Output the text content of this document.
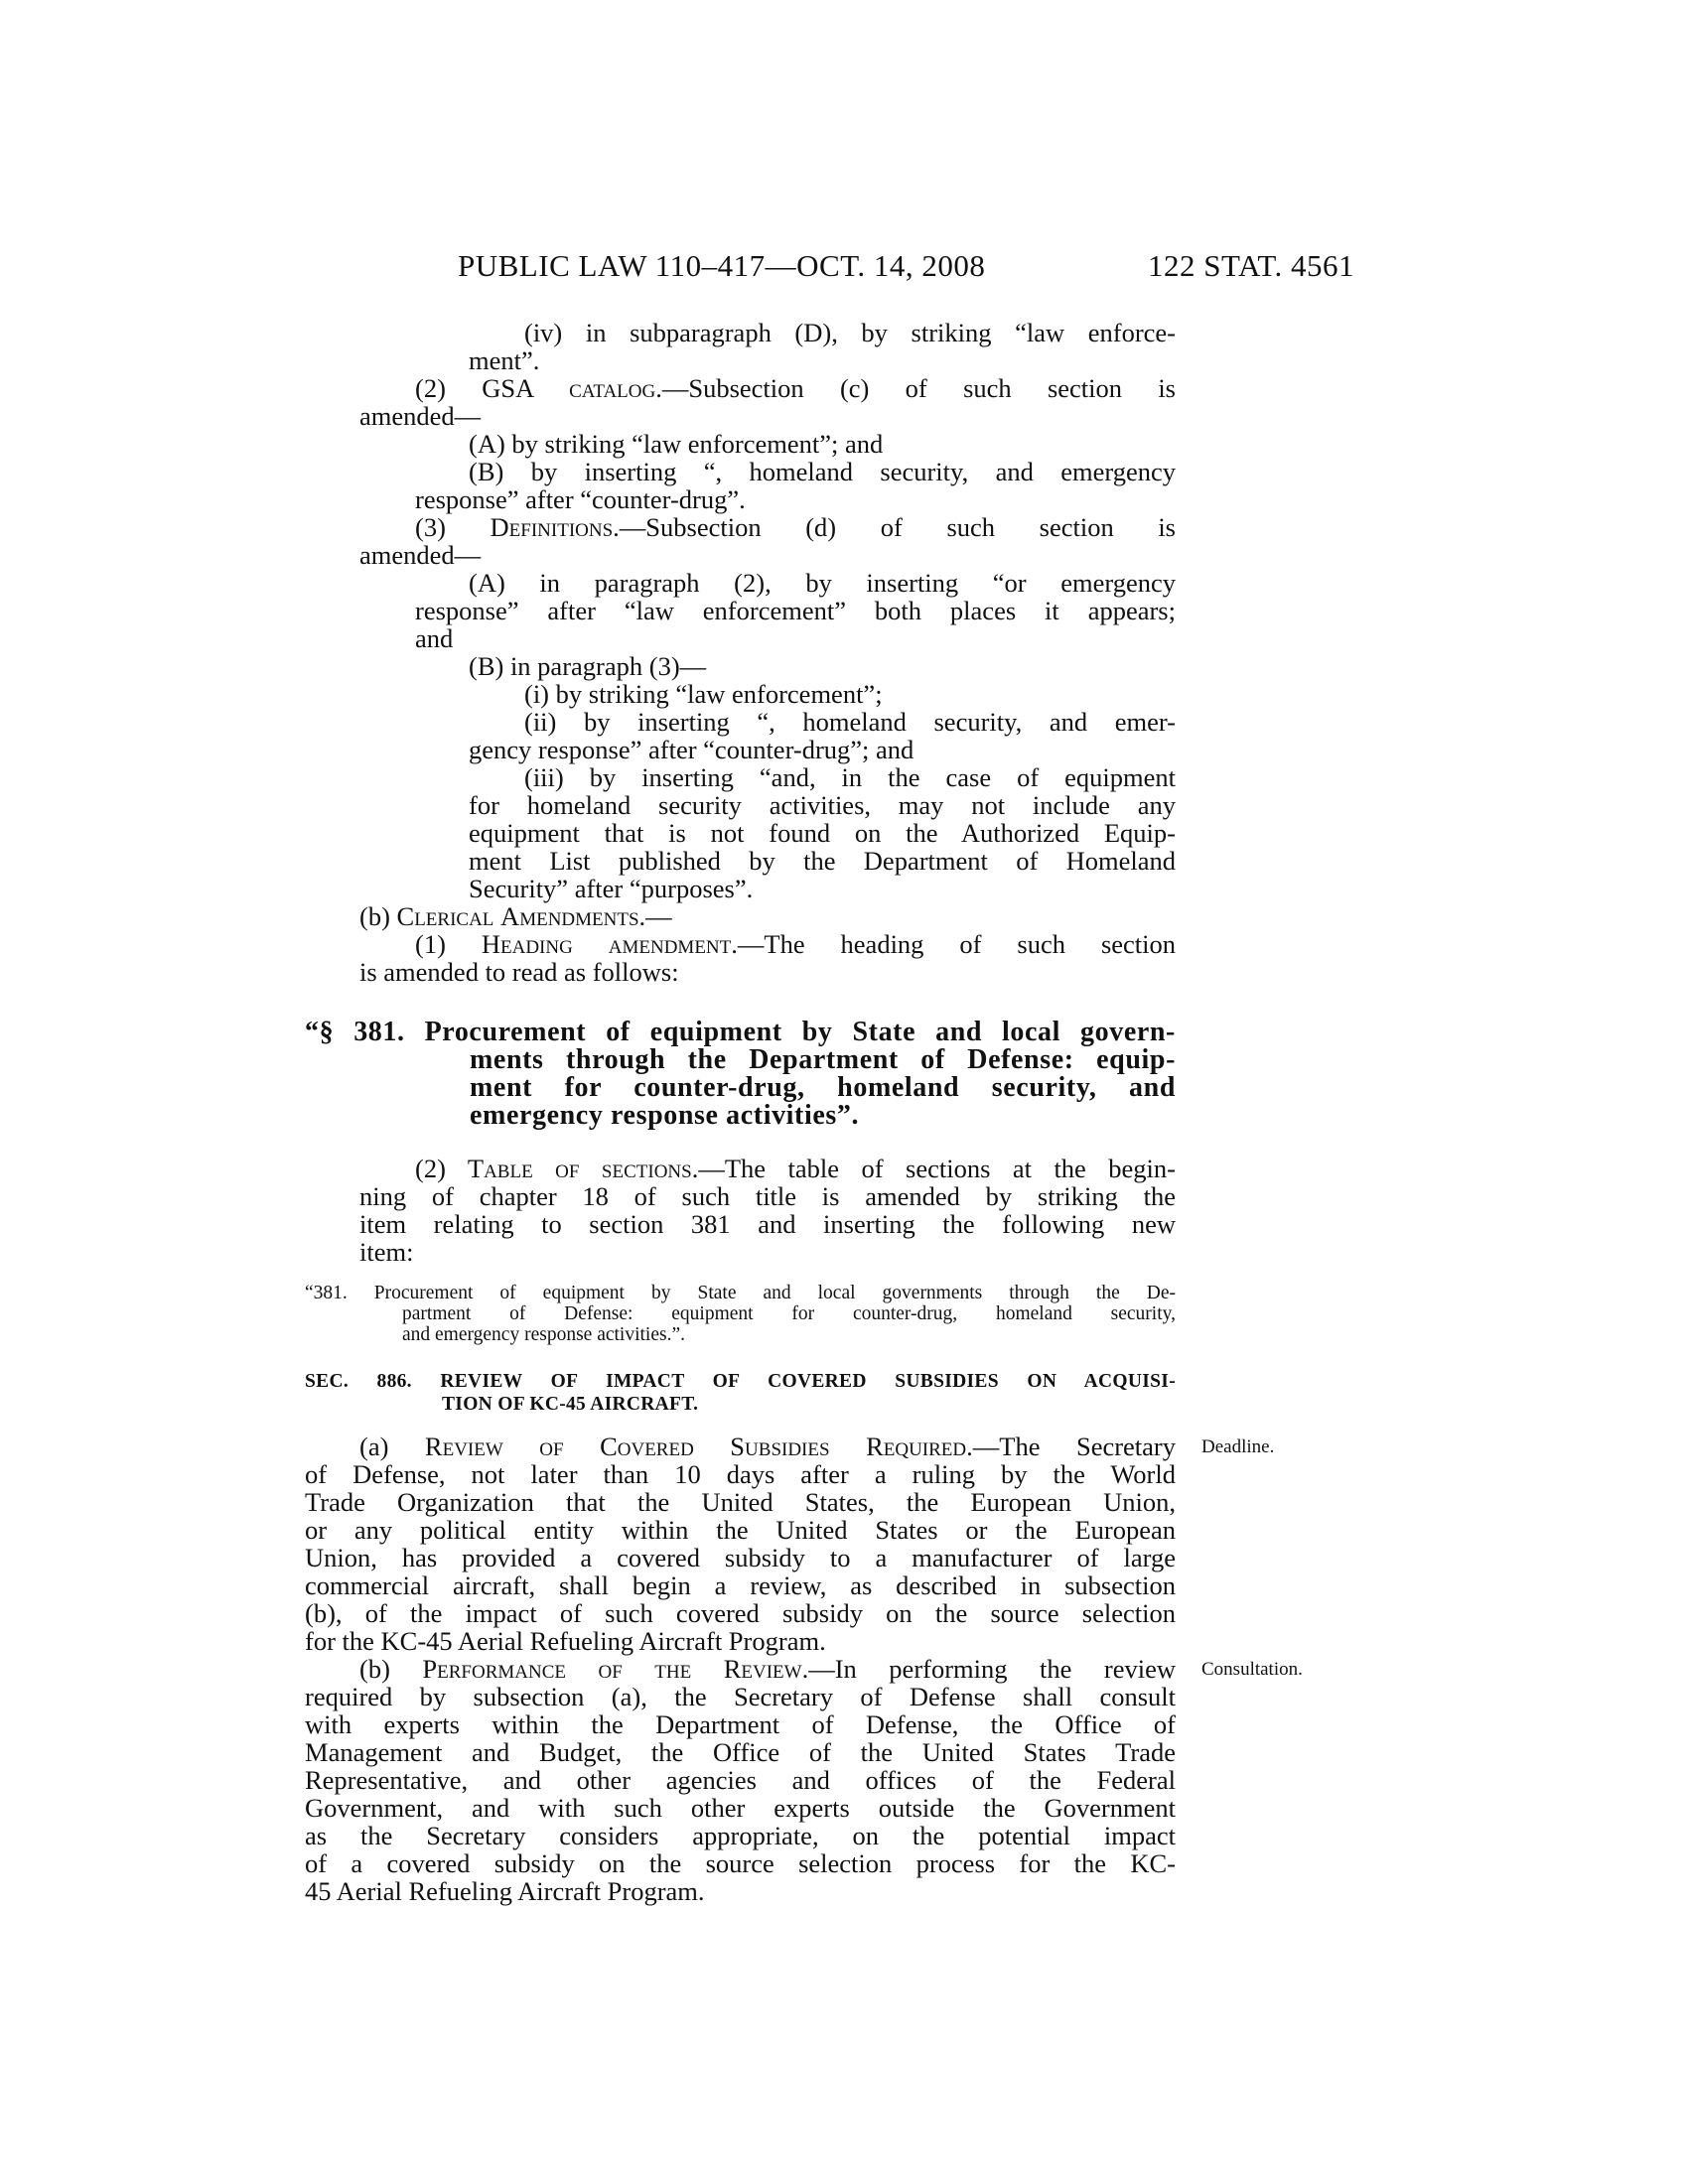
PUBLIC LAW 110–417—OCT. 14, 2008	122 STAT. 4561
(iv) in subparagraph (D), by striking “law enforce-
ment”.
(2) GSA catalog.—Subsection (c) of such section is
amended—
(A) by striking “law enforcement”; and
(B) by inserting “, homeland security, and emergency
response” after “counter-drug”.
(3) Definitions.—Subsection (d) of such section is
amended—
(A) in paragraph (2), by inserting “or emergency
response” after “law enforcement” both places it appears;
and
(B) in paragraph (3)—
(i) by striking “law enforcement”;
(ii) by inserting “, homeland security, and emer-
gency response” after “counter-drug”; and
(iii) by inserting “and, in the case of equipment
for homeland security activities, may not include any
equipment that is not found on the Authorized Equip-
ment List published by the Department of Homeland
Security” after “purposes”.
(b) Clerical Amendments.—
(1) Heading amendment.—The heading of such section
is amended to read as follows:
“§ 381. Procurement of equipment by State and local govern-
ments through the Department of Defense: equip-
ment for counter-drug, homeland security, and
emergency response activities”.
(2) Table of sections.—The table of sections at the begin-
ning of chapter 18 of such title is amended by striking the
item relating to section 381 and inserting the following new
item:
“381. Procurement of equipment by State and local governments through the De-
partment of Defense: equipment for counter-drug, homeland security,
and emergency response activities.”.
SEC. 886. REVIEW OF IMPACT OF COVERED SUBSIDIES ON ACQUISI-
TION OF KC-45 AIRCRAFT.
(a) Review of Covered Subsidies Required.—The Secretary
of Defense, not later than 10 days after a ruling by the World
Trade Organization that the United States, the European Union,
or any political entity within the United States or the European
Union, has provided a covered subsidy to a manufacturer of large
commercial aircraft, shall begin a review, as described in subsection
(b), of the impact of such covered subsidy on the source selection
for the KC-45 Aerial Refueling Aircraft Program.
(b) Performance of the Review.—In performing the review
required by subsection (a), the Secretary of Defense shall consult
with experts within the Department of Defense, the Office of
Management and Budget, the Office of the United States Trade
Representative, and other agencies and offices of the Federal
Government, and with such other experts outside the Government
as the Secretary considers appropriate, on the potential impact
of a covered subsidy on the source selection process for the KC-
45 Aerial Refueling Aircraft Program.
Deadline.
Consultation.
